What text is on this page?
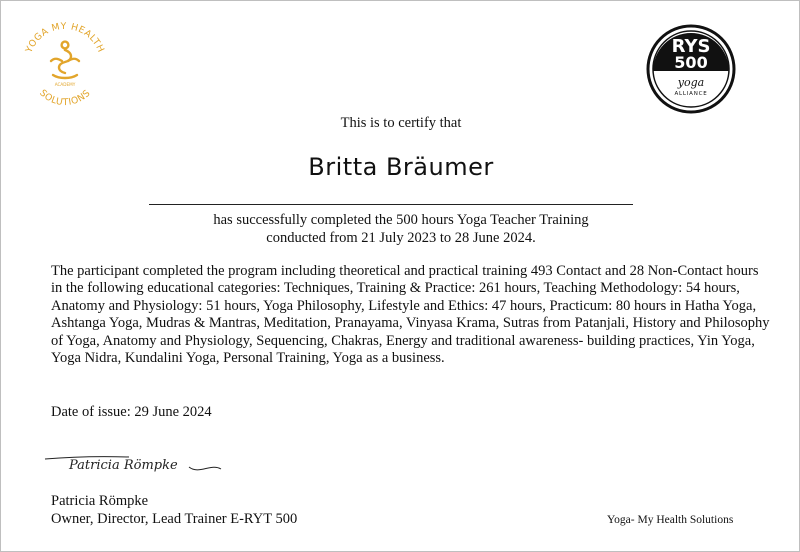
YOGA MY HEALTH
SOLUTIONS
ACADEMY
RYS
500
yoga
ALLIANCE
This is to certify that
Britta Bräumer
has successfully completed the 500 hours Yoga Teacher Training
conducted from 21 July 2023 to 28 June 2024.
The participant completed the program including theoretical and practical training 493 Contact and 28 Non-Contact hours in the following educational categories: Techniques, Training & Practice: 261 hours, Teaching Methodology: 54 hours, Anatomy and Physiology: 51 hours, Yoga Philosophy, Lifestyle and Ethics: 47 hours, Practicum: 80 hours in Hatha Yoga, Ashtanga Yoga, Mudras & Mantras, Meditation, Pranayama, Vinyasa Krama, Sutras from Patanjali, History and Philosophy of Yoga, Anatomy and Physiology, Sequencing, Chakras, Energy and traditional awareness- building practices, Yin Yoga, Yoga Nidra, Kundalini Yoga, Personal Training, Yoga as a business.
Date of issue: 29 June 2024
Patricia Römpke
Patricia Römpke
Owner, Director, Lead Trainer E-RYT 500	Yoga- My Health Solutions
